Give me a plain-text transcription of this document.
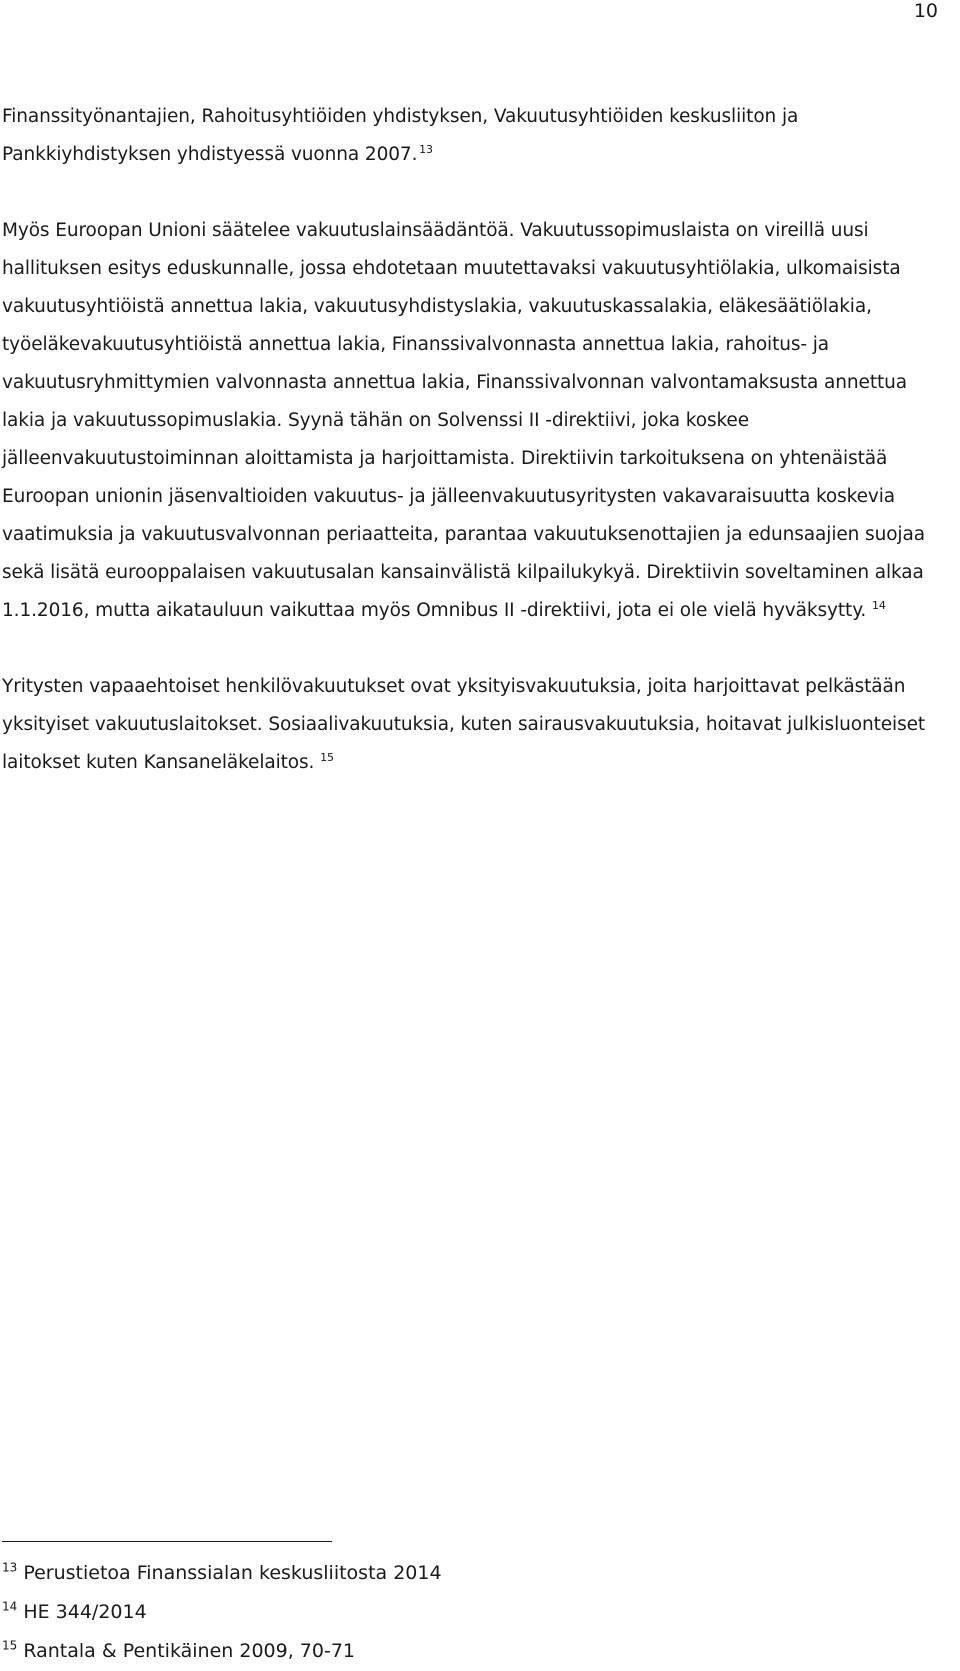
10

Finanssityönantajien, Rahoitusyhtiöiden yhdistyksen, Vakuutusyhtiöiden keskusliiton ja Pankkiyhdistyksen yhdistyessä vuonna 2007.  $^{13}$

Myös Euroopan Unioni säätelee vakuutuslainsäädäntöä. Vakuutussopimuslaista on vireillä uusi hallituksen esitys eduskunnalle, jossa ehdotetaan muutettavaksi vakuutusyhtiölakia, ulkomaisista vakuutusyhtiöistä annettua lakia, vakuutusyhdistyslakia, vakuutuskassalakia, eläkesäätiölakia, työeläkevakuutusyhtiöistä annettua lakia, Finanssivalvonnasta annettua lakia, rahoitus- ja vakuutusryhmittymien valvonnasta annettua lakia, Finanssivalvonnan valvontamaksusta annettua lakia ja vakuutussopimuslakia. Syynä tähän on Solvenssi II -direktiivi, joka koskee jälleenvakuutustoiminnan aloittamista ja harjoittamista. Direktiivin tarkoituksena on yhtenäistää Euroopan unionin jäsenvaltioiden vakuutus- ja jälleenvakuutusyritysten vakavaraisuutta koskevia vaatimuksia ja vakuutusvalvonnan periaatteita, parantaa vakuutuksenottajien ja edunsaajien suojaa sekä lisätä eurooppalaisen vakuutusalan kansainvälistä kilpailukykyä. Direktiivin soveltaminen alkaa 1.1.2016, mutta aikatauluun vaikuttaa myös Omnibus II -direktiivi, jota ei ole vielä hyväksytty. $^{14}$

Yritysten vapaaehtoiset henkilövakuutukset ovat yksityisvakuutuksia, joita harjoittavat pelkästään yksityiset vakuutuslaitokset. Sosiaalivakuutuksia, kuten sairausvakuutuksia, hoitavat julkisluonteiset laitokset kuten Kansaneläkelaitos. $^{15}$

$^{13}$ Perustietoa Finanssialan keskusliitosta 2014
$^{14}$ HE 344/2014
$^{15}$ Rantala & Pentikäinen 2009, 70-71
